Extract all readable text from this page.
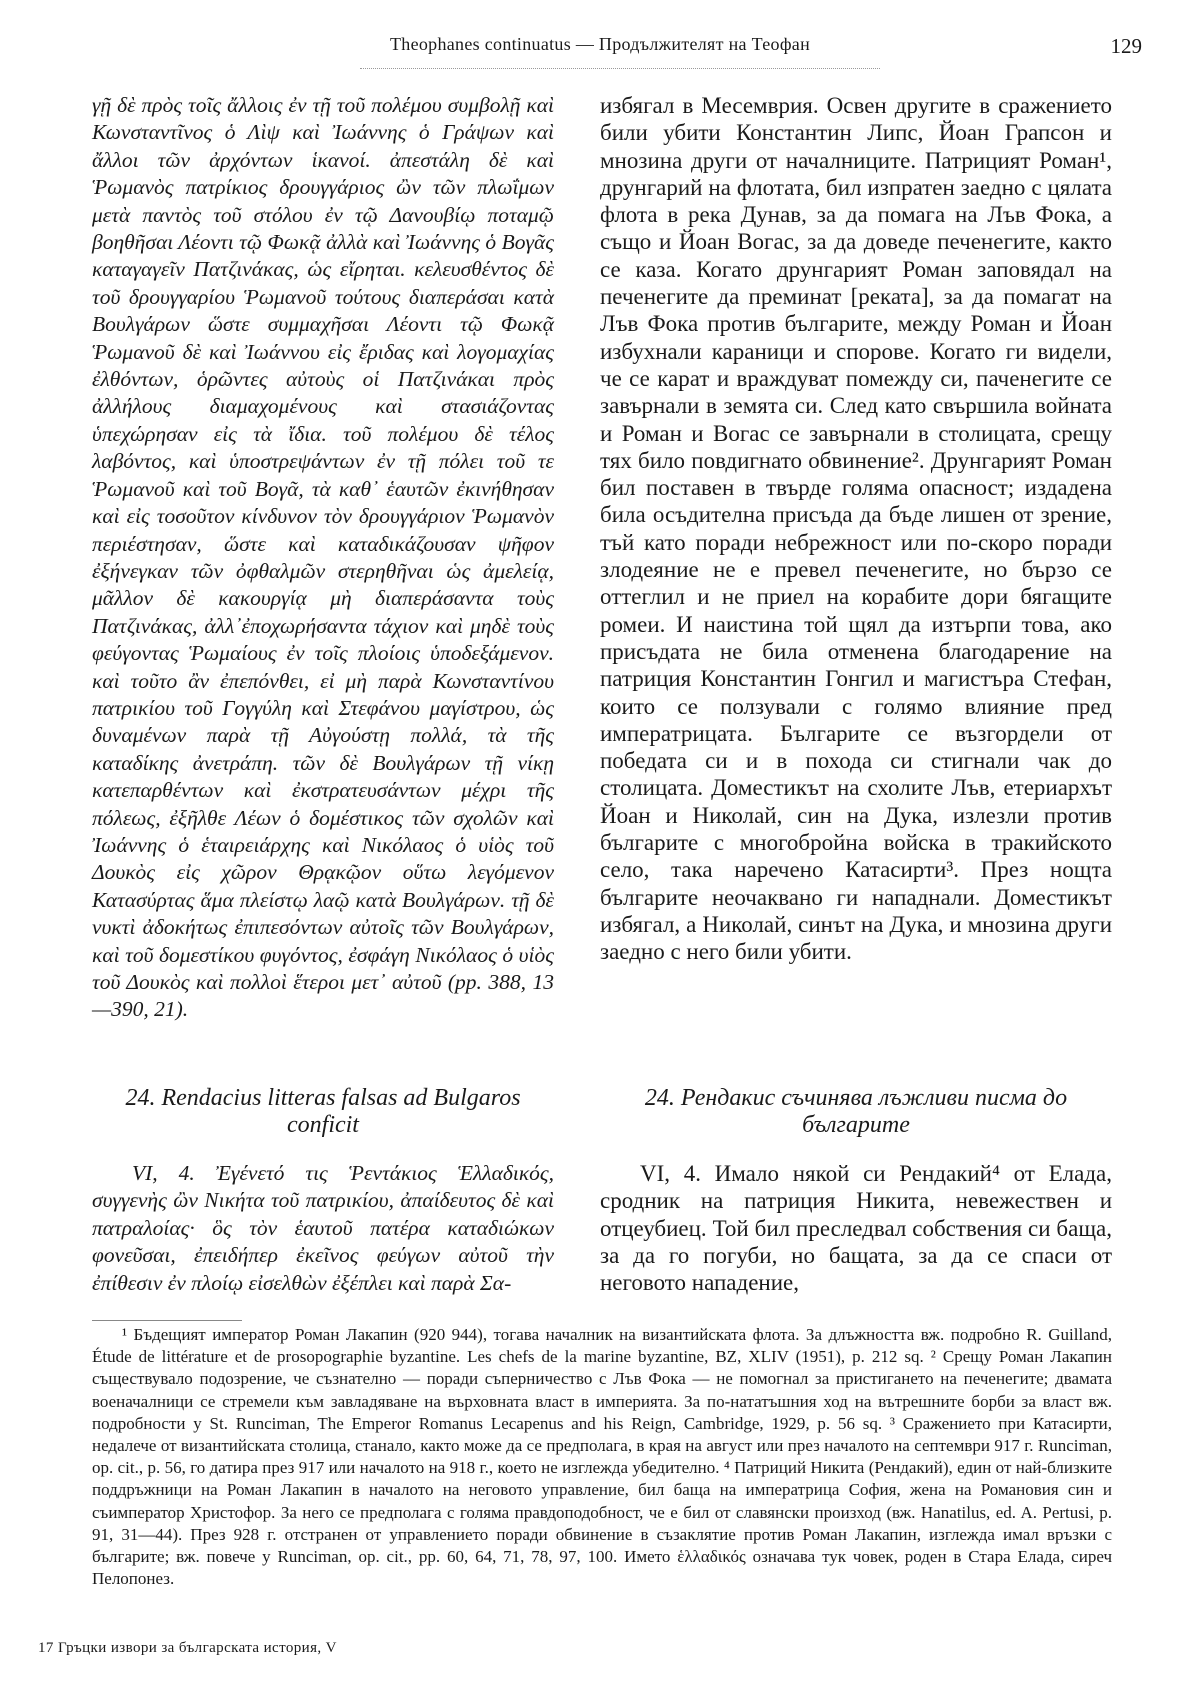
Theophanes continuatus — Продължителят на Теофан	129

γῇ δὲ πρὸς τοῖς ἄλλοις ἐν τῇ τοῦ πολέμου συμβολῇ καὶ Κωνσταντῖνος ὁ Λὶψ καὶ Ἰωάννης ὁ Γράψων καὶ ἄλλοι τῶν ἀρχόντων ἱκανοί. ἀπεστάλη δὲ καὶ Ῥωμανὸς πατρίκιος δρουγγάριος ὢν τῶν πλωΐμων μετὰ παντὸς τοῦ στόλου ἐν τῷ Δανουβίῳ ποταμῷ βοηθῆσαι Λέοντι τῷ Φωκᾷ ἀλλὰ καὶ Ἰωάννης ὁ Βογᾶς καταγαγεῖν Πατζινάκας, ὡς εἴρηται. κελευσθέντος δὲ τοῦ δρουγγαρίου Ῥωμανοῦ τούτους διαπεράσαι κατὰ Βουλγάρων ὥστε συμμαχῆσαι Λέοντι τῷ Φωκᾷ Ῥωμανοῦ δὲ καὶ Ἰωάννου εἰς ἔριδας καὶ λογομαχίας ἐλθόντων, ὁρῶντες αὐτοὺς οἱ Πατζινάκαι πρὸς ἀλλήλους διαμαχομένους καὶ στασιάζοντας ὑπεχώρησαν εἰς τὰ ἴδια. τοῦ πολέμου δὲ τέλος λαβόντος, καὶ ὑποστρεψάντων ἐν τῇ πόλει τοῦ τε Ῥωμανοῦ καὶ τοῦ Βογᾶ, τὰ καθ᾽ ἑαυτῶν ἐκινήθησαν καὶ εἰς τοσοῦτον κίνδυνον τὸν δρουγγάριον Ῥωμανὸν περιέστησαν, ὥστε καὶ καταδικάζουσαν ψῆφον ἐξήνεγκαν τῶν ὀφθαλμῶν στερηθῆναι ὡς ἀμελείᾳ, μᾶλλον δὲ κακουργίᾳ μὴ διαπεράσαντα τοὺς Πατζινάκας, ἀλλ᾽ἐποχωρήσαντα τάχιον καὶ μηδὲ τοὺς φεύγοντας Ῥωμαίους ἐν τοῖς πλοίοις ὑποδεξάμενον. καὶ τοῦτο ἂν ἐπεπόνθει, εἰ μὴ παρὰ Κωνσταντίνου πατρικίου τοῦ Γογγύλη καὶ Στεφάνου μαγίστρου, ὡς δυναμένων παρὰ τῇ Αὐγούστῃ πολλά, τὰ τῆς καταδίκης ἀνετράπη. τῶν δὲ Βουλγάρων τῇ νίκῃ κατεπαρθέντων καὶ ἐκστρατευσάντων μέχρι τῆς πόλεως, ἐξῆλθε Λέων ὁ δομέστικος τῶν σχολῶν καὶ Ἰωάννης ὁ ἑταιρειάρχης καὶ Νικόλαος ὁ υἱὸς τοῦ Δουκὸς εἰς χῶρον Θρᾳκῷον οὕτω λεγόμενον Κατασύρτας ἅμα πλείστῳ λαῷ κατὰ Βουλγάρων. τῇ δὲ νυκτὶ ἀδοκήτως ἐπιπεσόντων αὐτοῖς τῶν Βουλγάρων, καὶ τοῦ δομεστίκου φυγόντος, ἐσφάγη Νικόλαος ὁ υἱὸς τοῦ Δουκὸς καὶ πολλοὶ ἕτεροι μετ᾽ αὐτοῦ (pp. 388, 13—390, 21).

избягал в Месемврия. Освен другите в сражението били убити Константин Липс, Йоан Грапсон и мнозина други от началниците. Патрицият Роман¹, друнгарий на флотата, бил изпратен заедно с цялата флота в река Дунав, за да помага на Лъв Фока, а също и Йоан Вогас, за да доведе печенегите, както се каза. Когато друнгарият Роман заповядал на печенегите да преминат [реката], за да помагат на Лъв Фока против българите, между Роман и Йоан избухнали караници и спорове. Когато ги видели, че се карат и враждуват помежду си, паченегите се завърнали в земята си. След като свършила войната и Роман и Вогас се завърнали в столицата, срещу тях било повдигнато обвинение². Друнгарият Роман бил поставен в твърде голяма опасност; издадена била осъдителна присъда да бъде лишен от зрение, тъй като поради небрежност или по-скоро поради злодеяние не е превел печенегите, но бързо се оттеглил и не приел на корабите дори бягащите ромеи. И наистина той щял да изтърпи това, ако присъдата не била отменена благодарение на патриция Константин Гонгил и магистъра Стефан, които се ползували с голямо влияние пред императрицата. Българите се възгордели от победата си и в похода си стигнали чак до столицата. Доместикът на схолите Лъв, етериархът Йоан и Николай, син на Дука, излезли против българите с многобройна войска в тракийското село, така наречено Катасирти³. През нощта българите неочаквано ги нападнали. Доместикът избягал, а Николай, синът на Дука, и мнозина други заедно с него били убити.

24. Rendacius litteras falsas ad Bulgaros conficit

24. Рендакис съчинява лъжливи писма до българите

VI, 4. Ἐγένετό τις Ῥεντάκιος Ἑλλαδικός, συγγενὴς ὢν Νικήτα τοῦ πατρικίου, ἀπαίδευτος δὲ καὶ πατραλοίας· ὃς τὸν ἑαυτοῦ πατέρα καταδιώκων φονεῦσαι, ἐπειδήπερ ἐκεῖνος φεύγων αὐτοῦ τὴν ἐπίθεσιν ἐν πλοίῳ εἰσελθὼν ἐξέπλει καὶ παρὰ Σα-

VI, 4. Имало някой си Рендакий⁴ от Елада, сродник на патриция Никита, невежествен и отцеубиец. Той бил преследвал собствения си баща, за да го погуби, но бащата, за да се спаси от неговото нападение,

¹ Бъдещият император Роман Лакапин (920 944), тогава началник на византийската флота. За длъжността вж. подробно R. Guilland, Étude de littérature et de prosopographie byzantine. Les chefs de la marine byzantine, BZ, XLIV (1951), p. 212 sq. ² Срещу Роман Лакапин съществувало подозрение, че съзнателно — поради съперничество с Лъв Фока — не помогнал за пристигането на печенегите; двамата военачалници се стремели към завладяване на върховната власт в империята. За по-нататъшния ход на вътрешните борби за власт вж. подробности у St. Runciman, The Emperor Romanus Lecapenus and his Reign, Cambridge, 1929, p. 56 sq. ³ Сражението при Катасирти, недалече от византийската столица, станало, както може да се предполага, в края на август или през началото на септември 917 г. Runciman, op. cit., p. 56, го датира през 917 или началото на 918 г., което не изглежда убедително. ⁴ Патриций Никита (Рендакий), един от най-близките поддръжници на Роман Лакапин в началото на неговото управление, бил баща на императрица София, жена на Романовия син и съимператор Христофор. За него се предполага с голяма правдоподобност, че е бил от славянски произход (вж. Hanatilus, ed. A. Pertusi, p. 91, 31—44). През 928 г. отстранен от управлението поради обвинение в съзаклятие против Роман Лакапин, изглежда имал връзки с българите; вж. повече у Runciman, op. cit., pp. 60, 64, 71, 78, 97, 100. Името ἑλλαδικός означава тук човек, роден в Стара Елада, сиреч Пелопонез.

17 Гръцки извори за българската история, V
